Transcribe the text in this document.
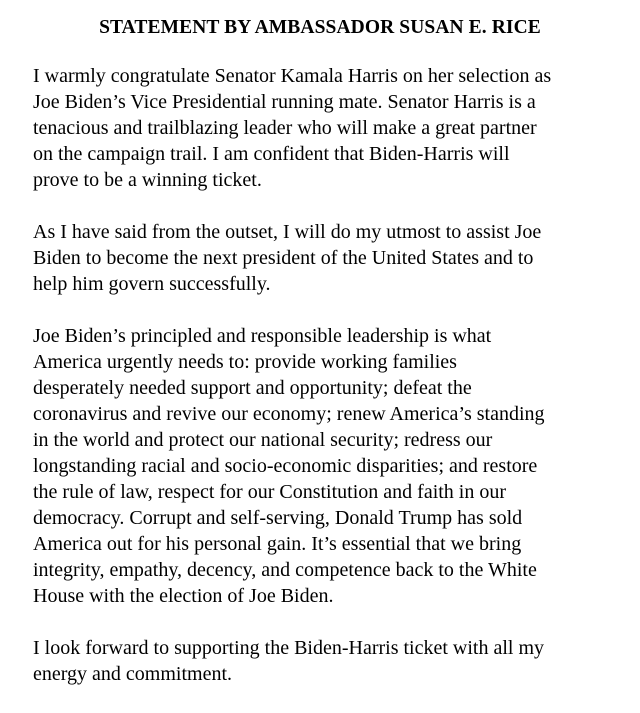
STATEMENT BY AMBASSADOR SUSAN E. RICE

I warmly congratulate Senator Kamala Harris on her selection as
Joe Biden’s Vice Presidential running mate. Senator Harris is a
tenacious and trailblazing leader who will make a great partner
on the campaign trail. I am confident that Biden-Harris will
prove to be a winning ticket.

As I have said from the outset, I will do my utmost to assist Joe
Biden to become the next president of the United States and to
help him govern successfully.

Joe Biden’s principled and responsible leadership is what
America urgently needs to: provide working families
desperately needed support and opportunity; defeat the
coronavirus and revive our economy; renew America’s standing
in the world and protect our national security; redress our
longstanding racial and socio-economic disparities; and restore
the rule of law, respect for our Constitution and faith in our
democracy. Corrupt and self-serving, Donald Trump has sold
America out for his personal gain. It’s essential that we bring
integrity, empathy, decency, and competence back to the White
House with the election of Joe Biden.

I look forward to supporting the Biden-Harris ticket with all my
energy and commitment.
